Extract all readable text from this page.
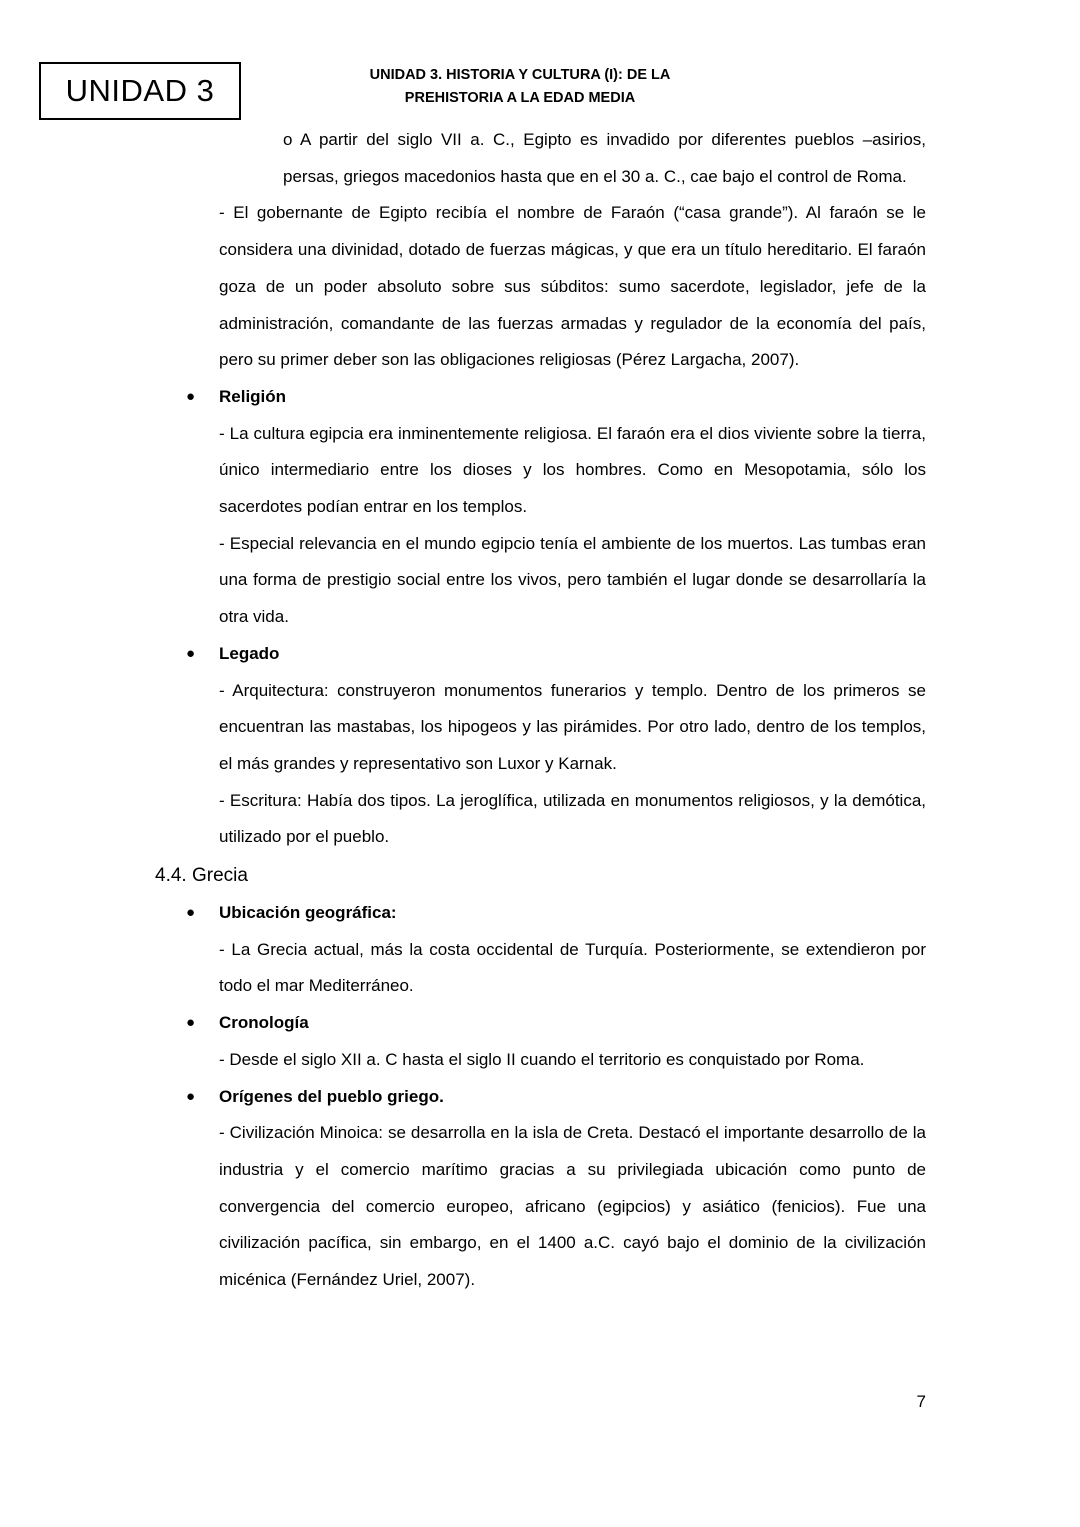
UNIDAD 3	UNIDAD 3. HISTORIA Y CULTURA (I): DE LA
PREHISTORIA A LA EDAD MEDIA

o A partir del siglo VII a. C., Egipto es invadido por diferentes pueblos –asirios, persas, griegos macedonios hasta que en el 30 a. C., cae bajo el control de Roma.

- El gobernante de Egipto recibía el nombre de Faraón (“casa grande”). Al faraón se le considera una divinidad, dotado de fuerzas mágicas, y que era un título hereditario. El faraón goza de un poder absoluto sobre sus súbditos: sumo sacerdote, legislador, jefe de la administración, comandante de las fuerzas armadas y regulador de la economía del país, pero su primer deber son las obligaciones religiosas (Pérez Largacha, 2007).

● Religión

- La cultura egipcia era inminentemente religiosa. El faraón era el dios viviente sobre la tierra, único intermediario entre los dioses y los hombres. Como en Mesopotamia, sólo los sacerdotes podían entrar en los templos.

- Especial relevancia en el mundo egipcio tenía el ambiente de los muertos. Las tumbas eran una forma de prestigio social entre los vivos, pero también el lugar donde se desarrollaría la otra vida.

● Legado

- Arquitectura: construyeron monumentos funerarios y templo. Dentro de los primeros se encuentran las mastabas, los hipogeos y las pirámides. Por otro lado, dentro de los templos, el más grandes y representativo son Luxor y Karnak.

- Escritura: Había dos tipos. La jeroglífica, utilizada en monumentos religiosos, y la demótica, utilizado por el pueblo.

4.4. Grecia
● Ubicación geográfica:

- La Grecia actual, más la costa occidental de Turquía. Posteriormente, se extendieron por todo el mar Mediterráneo.

● Cronología

- Desde el siglo XII a. C hasta el siglo II cuando el territorio es conquistado por Roma.

● Orígenes del pueblo griego.

- Civilización Minoica: se desarrolla en la isla de Creta. Destacó el importante desarrollo de la industria y el comercio marítimo gracias a su privilegiada ubicación como punto de convergencia del comercio europeo, africano (egipcios) y asiático (fenicios). Fue una civilización pacífica, sin embargo, en el 1400 a.C. cayó bajo el dominio de la civilización micénica (Fernández Uriel, 2007).

7
